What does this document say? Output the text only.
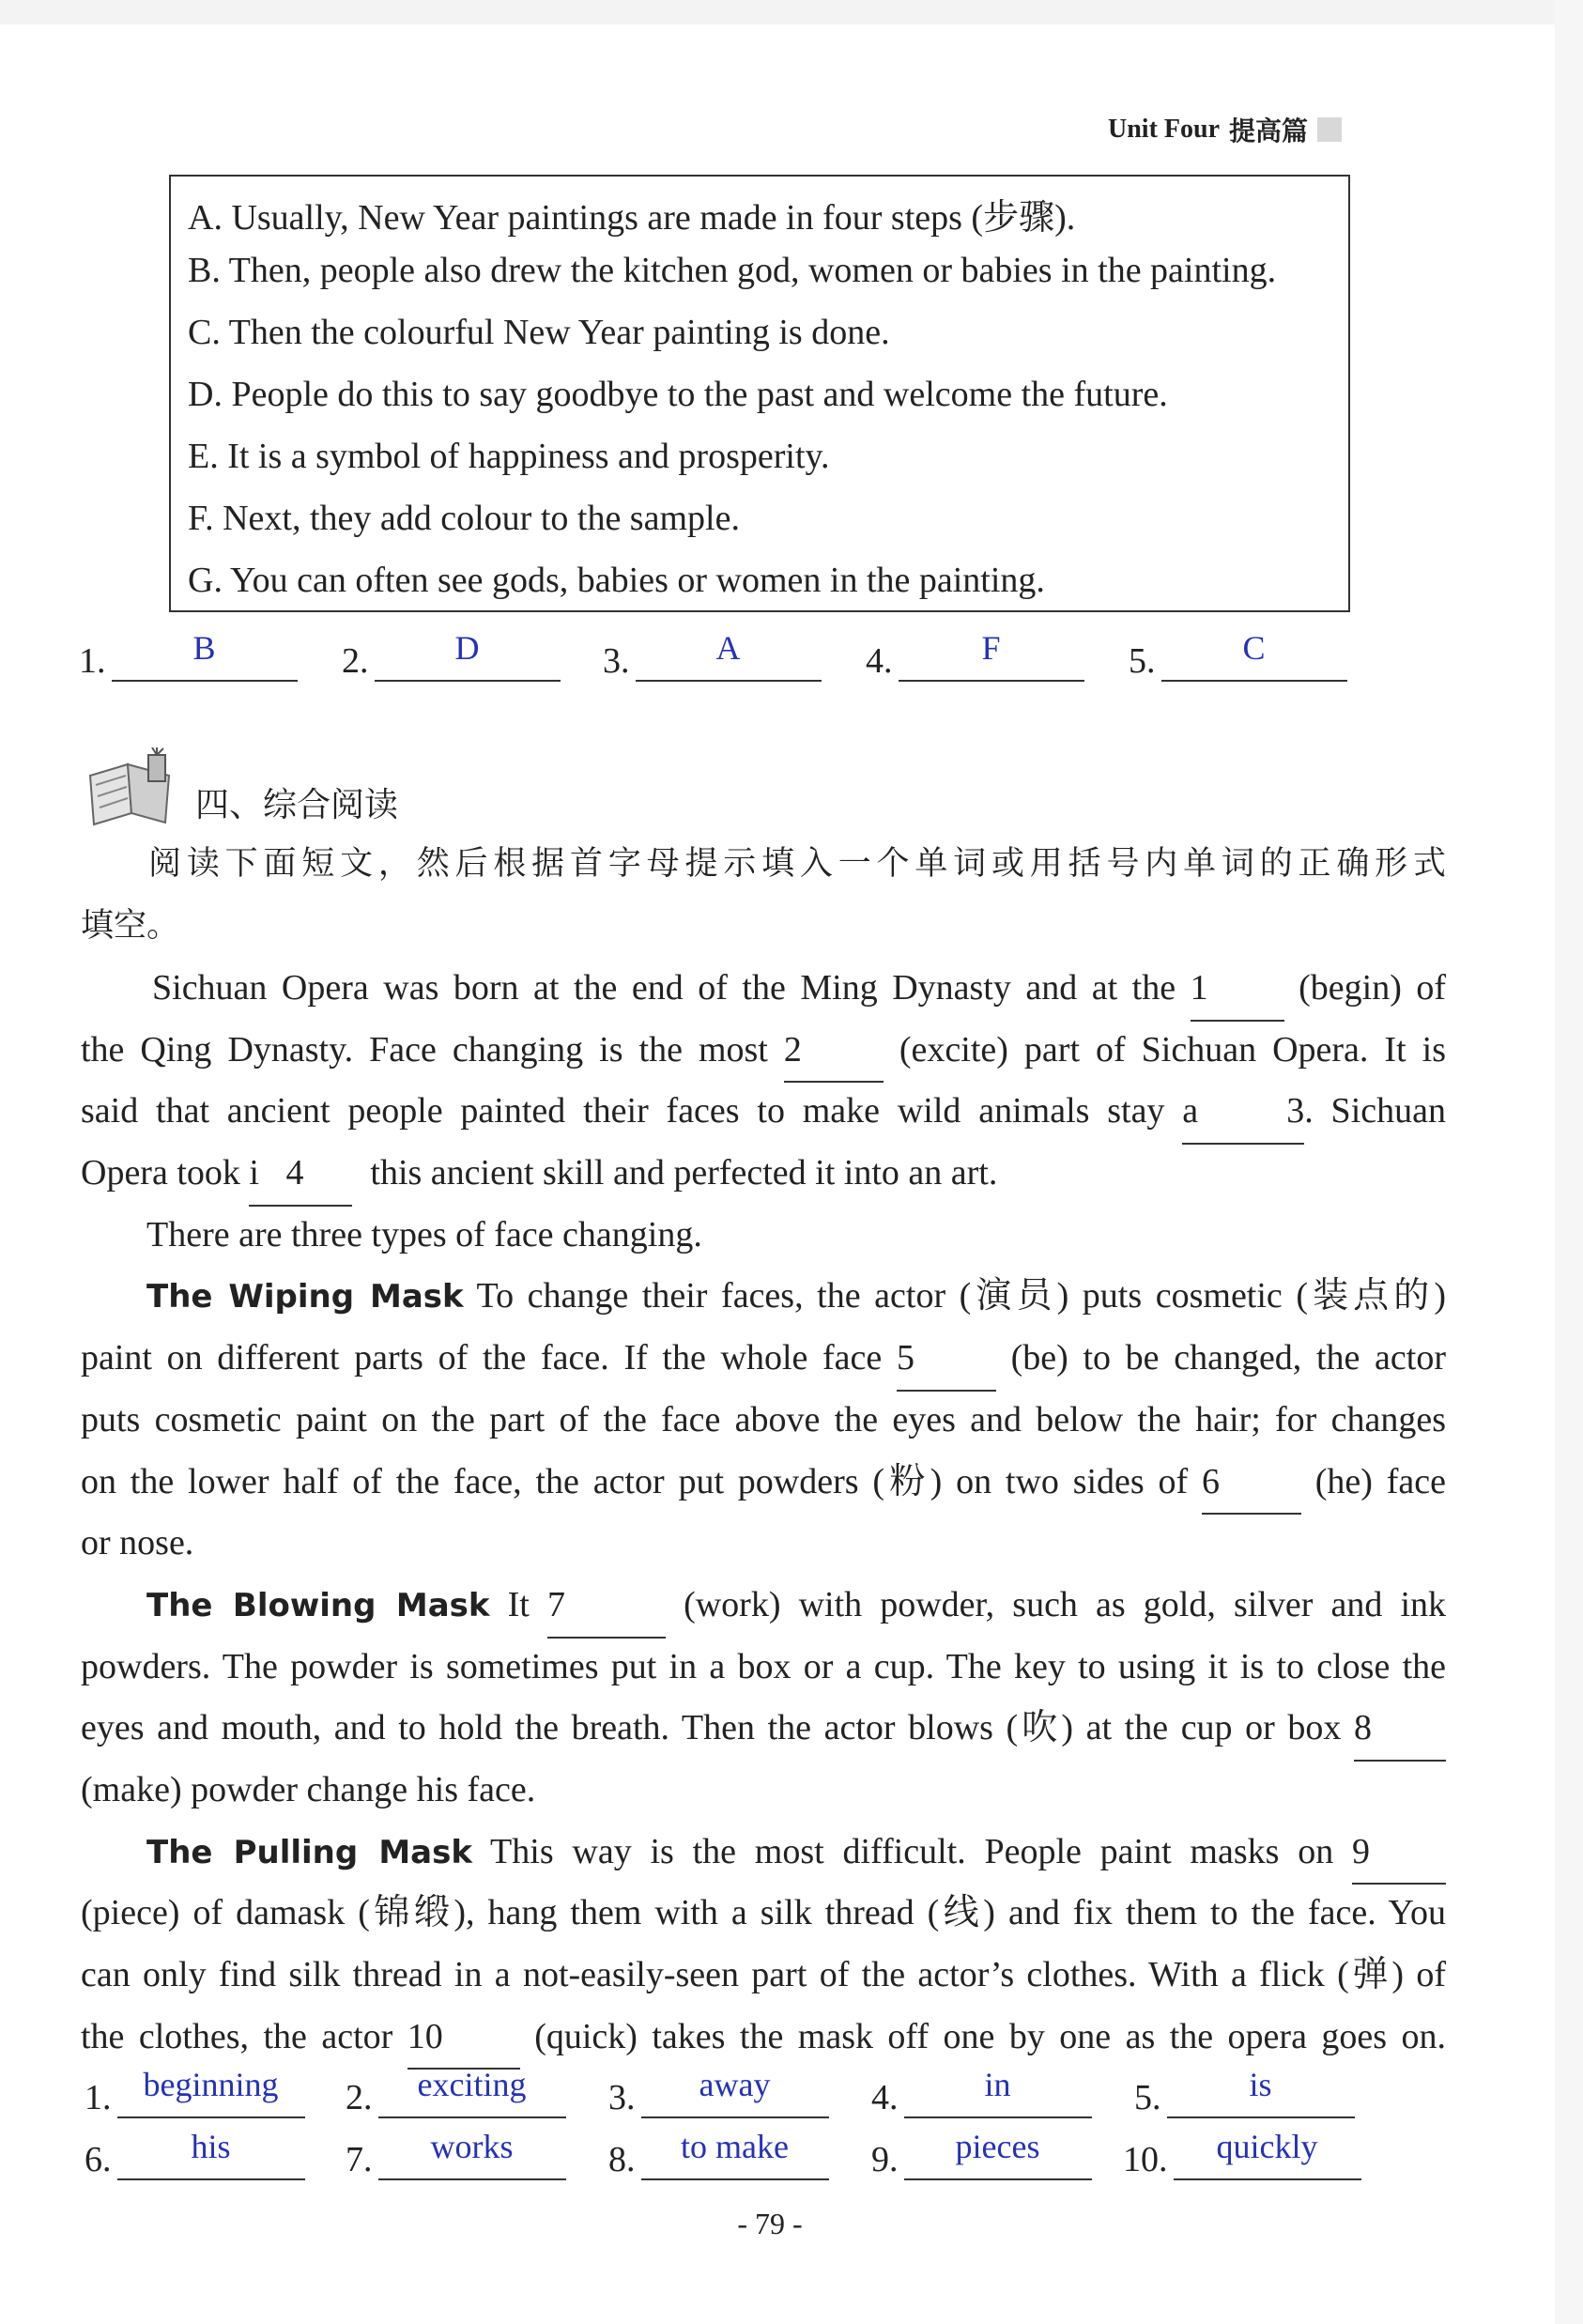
Unit Four 提高篇
A. Usually, New Year paintings are made in four steps (步骤).
B. Then, people also drew the kitchen god, women or babies in the painting.
C. Then the colourful New Year painting is done.
D. People do this to say goodbye to the past and welcome the future.
E. It is a symbol of happiness and prosperity.
F. Next, they add colour to the sample.
G. You can often see gods, babies or women in the painting.
1.	B	2.	D	3.	A	4.	F	5.	C
四、综合阅读
阅读下面短文，然后根据首字母提示填入一个单词或用括号内单词的正确形式
填空。
Sichuan Opera was born at the end of the Ming Dynasty and at the 1	(begin) of
the Qing Dynasty. Face changing is the most 2	(excite) part of Sichuan Opera. It is
said that ancient people painted their faces to make wild animals stay a    3. Sichuan
Opera took i   4 this ancient skill and perfected it into an art.
There are three types of face changing.
The Wiping Mask To change their faces, the actor (演员) puts cosmetic (装点的)
paint on different parts of the face. If the whole face 5	(be) to be changed, the actor
puts cosmetic paint on the part of the face above the eyes and below the hair; for changes
on the lower half of the face, the actor put powders (粉) on two sides of 6	(he) face
or nose.
The Blowing Mask It 7	(work) with powder, such as gold, silver and ink
powders. The powder is sometimes put in a box or a cup. The key to using it is to close the
eyes and mouth, and to hold the breath. Then the actor blows (吹) at the cup or box 8
(make) powder change his face.
The Pulling Mask This way is the most difficult. People paint masks on 9
(piece) of damask (锦缎), hang them with a silk thread (线) and fix them to the face. You
can only find silk thread in a not-easily-seen part of the actor’s clothes. With a flick (弹) of
the clothes, the actor 10	(quick) takes the mask off one by one as the opera goes on.
1. beginning	2.	exciting	3.	away	4.	in	5.	is
6.	his	7.	works	8.	to make	9.	pieces	10.	quickly
- 79 -
